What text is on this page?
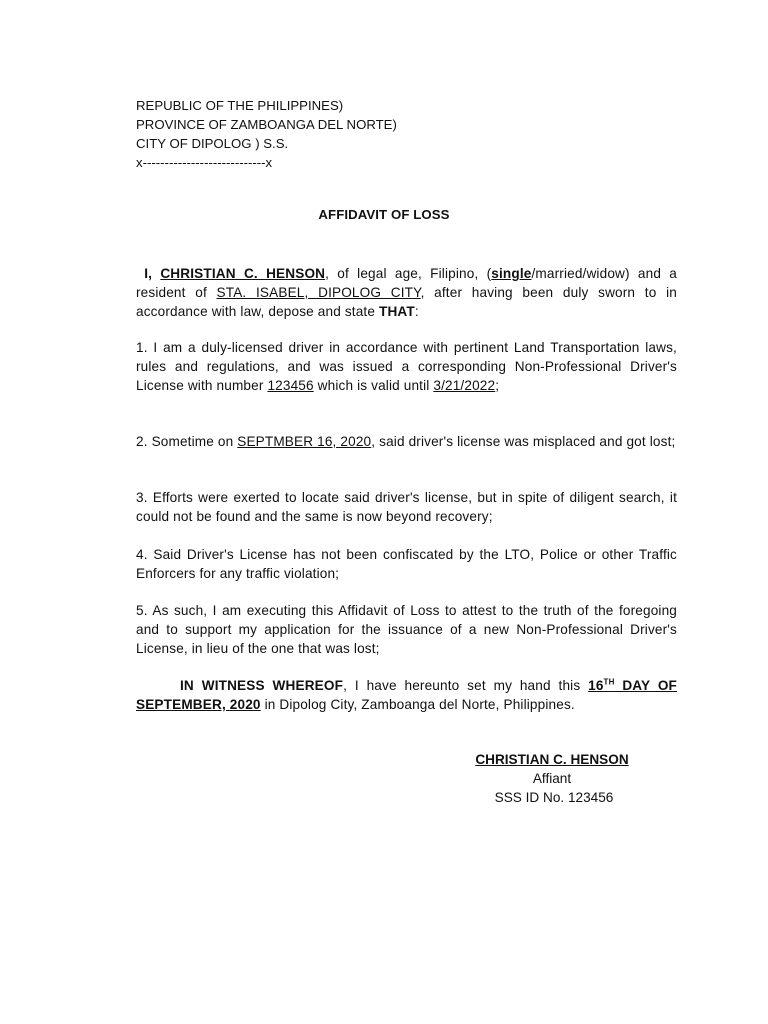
REPUBLIC OF THE PHILIPPINES)
PROVINCE OF ZAMBOANGA DEL NORTE)
CITY OF DIPOLOG ) S.S.
x----------------------------x
AFFIDAVIT OF LOSS
I, CHRISTIAN C. HENSON, of legal age, Filipino, (single/married/widow) and a resident of STA. ISABEL, DIPOLOG CITY, after having been duly sworn to in accordance with law, depose and state THAT:
1. I am a duly-licensed driver in accordance with pertinent Land Transportation laws, rules and regulations, and was issued a corresponding Non-Professional Driver's License with number 123456 which is valid until 3/21/2022;
2. Sometime on SEPTMBER 16, 2020, said driver's license was misplaced and got lost;
3. Efforts were exerted to locate said driver's license, but in spite of diligent search, it could not be found and the same is now beyond recovery;
4. Said Driver's License has not been confiscated by the LTO, Police or other Traffic Enforcers for any traffic violation;
5. As such, I am executing this Affidavit of Loss to attest to the truth of the foregoing and to support my application for the issuance of a new Non-Professional Driver's License, in lieu of the one that was lost;
IN WITNESS WHEREOF, I have hereunto set my hand this 16TH DAY OF SEPTEMBER, 2020 in Dipolog City, Zamboanga del Norte, Philippines.
CHRISTIAN C. HENSON
Affiant
SSS ID No. 123456
